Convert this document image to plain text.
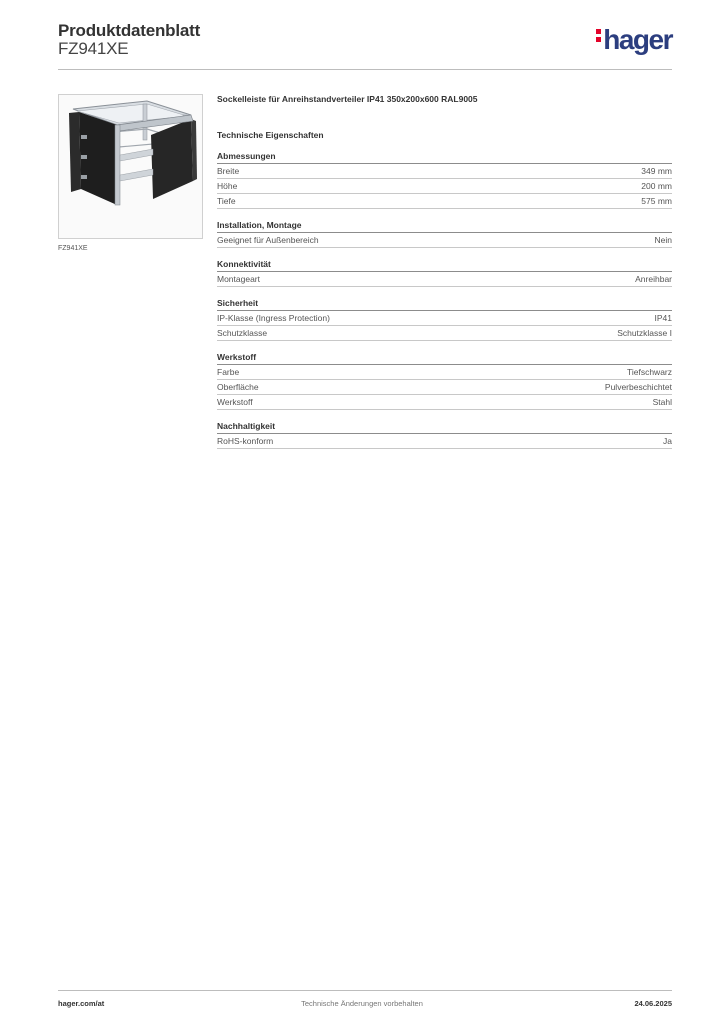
Produktdatenblatt
FZ941XE	hager
FZ941XE
Sockelleiste für Anreihstandverteiler IP41 350x200x600 RAL9005
Technische Eigenschaften
Abmessungen
Breite	349 mm
Höhe	200 mm
Tiefe	575 mm
Installation, Montage
Geeignet für Außenbereich	Nein
Konnektivität
Montageart	Anreihbar
Sicherheit
IP-Klasse (Ingress Protection)	IP41
Schutzklasse	Schutzklasse I
Werkstoff
Farbe	Tiefschwarz
Oberfläche	Pulverbeschichtet
Werkstoff	Stahl
Nachhaltigkeit
RoHS-konform	Ja
hager.com/at	Technische Änderungen vorbehalten	24.06.2025
